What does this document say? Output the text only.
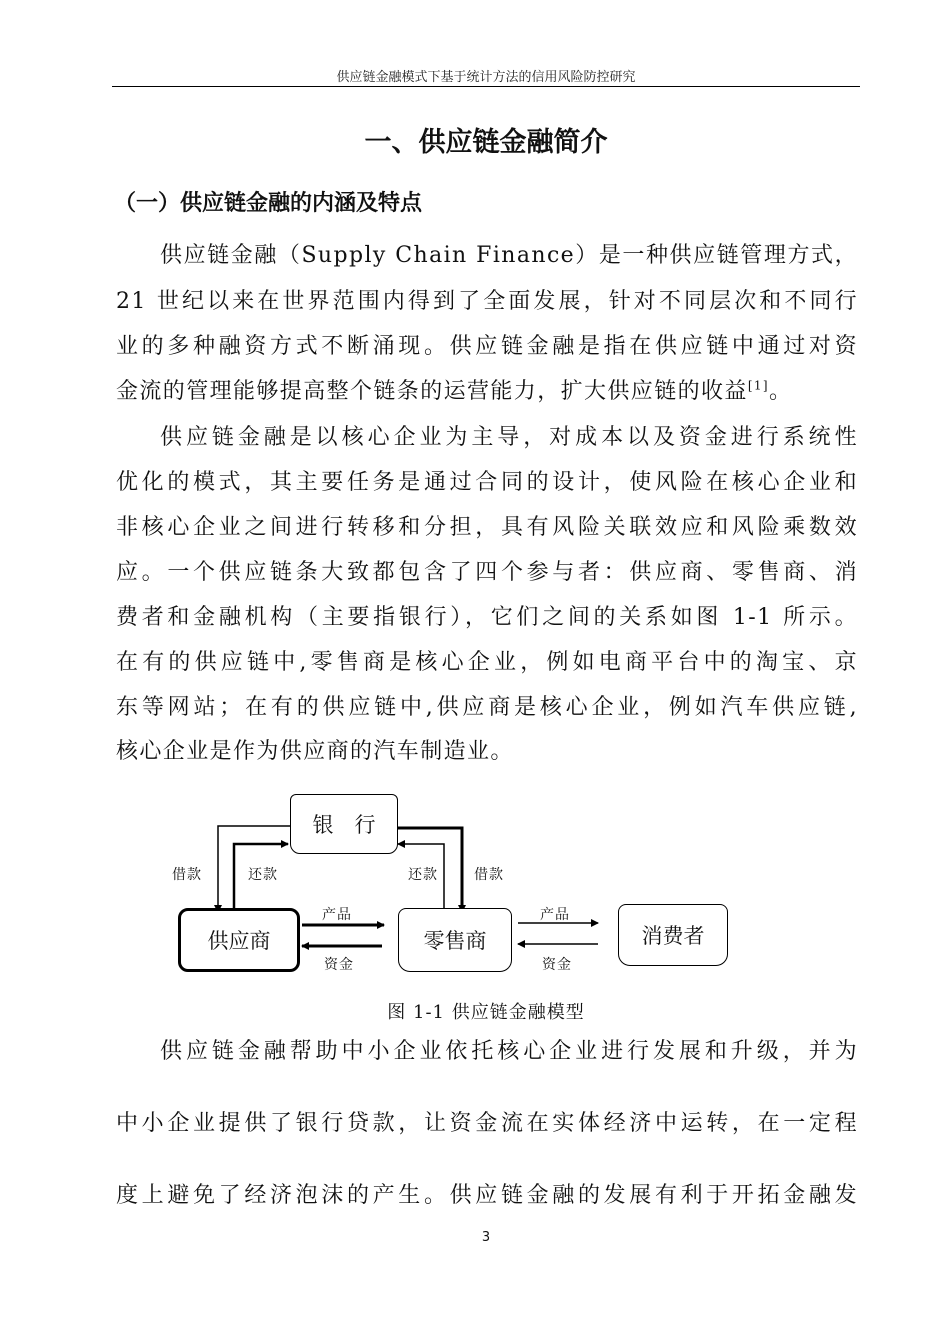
供应链金融模式下基于统计方法的信用风险防控研究
一、供应链金融简介
（一）供应链金融的内涵及特点
供应链金融（Supply Chain Finance）是一种供应链管理方式，
21 世纪以来在世界范围内得到了全面发展，针对不同层次和不同行
业的多种融资方式不断涌现。供应链金融是指在供应链中通过对资
金流的管理能够提高整个链条的运营能力，扩大供应链的收益[1]。
供应链金融是以核心企业为主导，对成本以及资金进行系统性
优化的模式，其主要任务是通过合同的设计，使风险在核心企业和
非核心企业之间进行转移和分担，具有风险关联效应和风险乘数效
应。一个供应链条大致都包含了四个参与者：供应商、零售商、消
费者和金融机构（主要指银行），它们之间的关系如图 1-1 所示。
在有的供应链中,零售商是核心企业，例如电商平台中的淘宝、京
东等网站；在有的供应链中,供应商是核心企业，例如汽车供应链,
核心企业是作为供应商的汽车制造业。
银　行
供应商	零售商	消费者
借款	还款	还款	借款
产品
资金
产品
资金
图 1-1 供应链金融模型
供应链金融帮助中小企业依托核心企业进行发展和升级，并为
中小企业提供了银行贷款，让资金流在实体经济中运转，在一定程
度上避免了经济泡沫的产生。供应链金融的发展有利于开拓金融发
3
